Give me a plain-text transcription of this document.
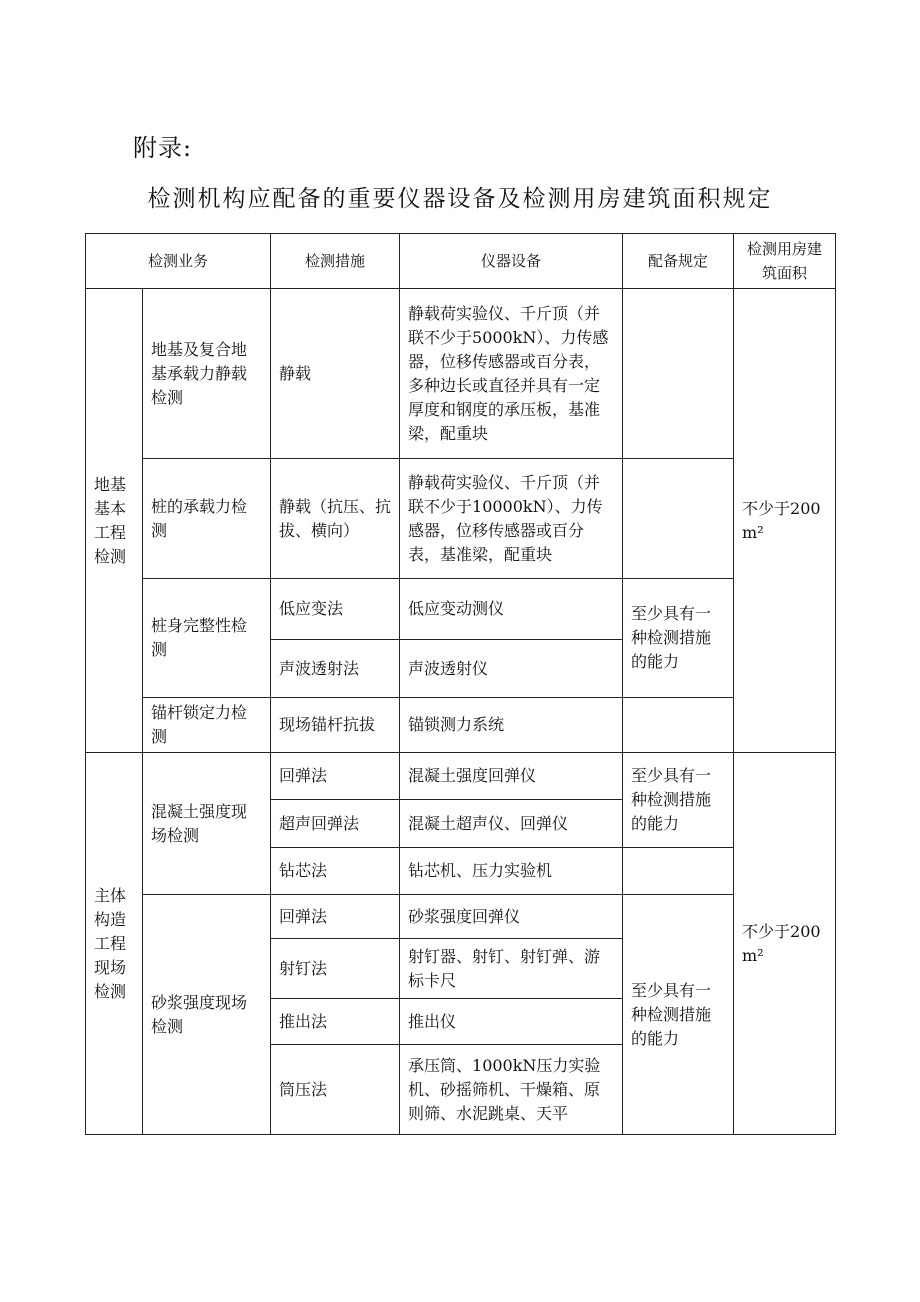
附录:
检测机构应配备的重要仪器设备及检测用房建筑面积规定
检测业务		检测措施	仪器设备	配备规定	检测用房建筑面积
地基基本工程检测	地基及复合地基承载力静载检测	静载	静载荷实验仪、千斤顶（并联不少于5000kN）、力传感器，位移传感器或百分表，多种边长或直径并具有一定厚度和钢度的承压板，基准梁，配重块		不少于200m²
	桩的承载力检测	静载（抗压、抗拔、横向）	静载荷实验仪、千斤顶（并联不少于10000kN）、力传感器，位移传感器或百分表，基准梁，配重块		
	桩身完整性检测	低应变法	低应变动测仪	至少具有一种检测措施的能力	
		声波透射法	声波透射仪		
	锚杆锁定力检测	现场锚杆抗拔	锚锁测力系统		
主体构造工程现场检测	混凝土强度现场检测	回弹法	混凝土强度回弹仪	至少具有一种检测措施的能力	不少于200m²
		超声回弹法	混凝土超声仪、回弹仪		
		钻芯法	钻芯机、压力实验机		
	砂浆强度现场检测	回弹法	砂浆强度回弹仪	至少具有一种检测措施的能力	
		射钉法	射钉器、射钉、射钉弹、游标卡尺		
		推出法	推出仪		
		筒压法	承压筒、1000kN压力实验机、砂摇筛机、干燥箱、原则筛、水泥跳桌、天平		
